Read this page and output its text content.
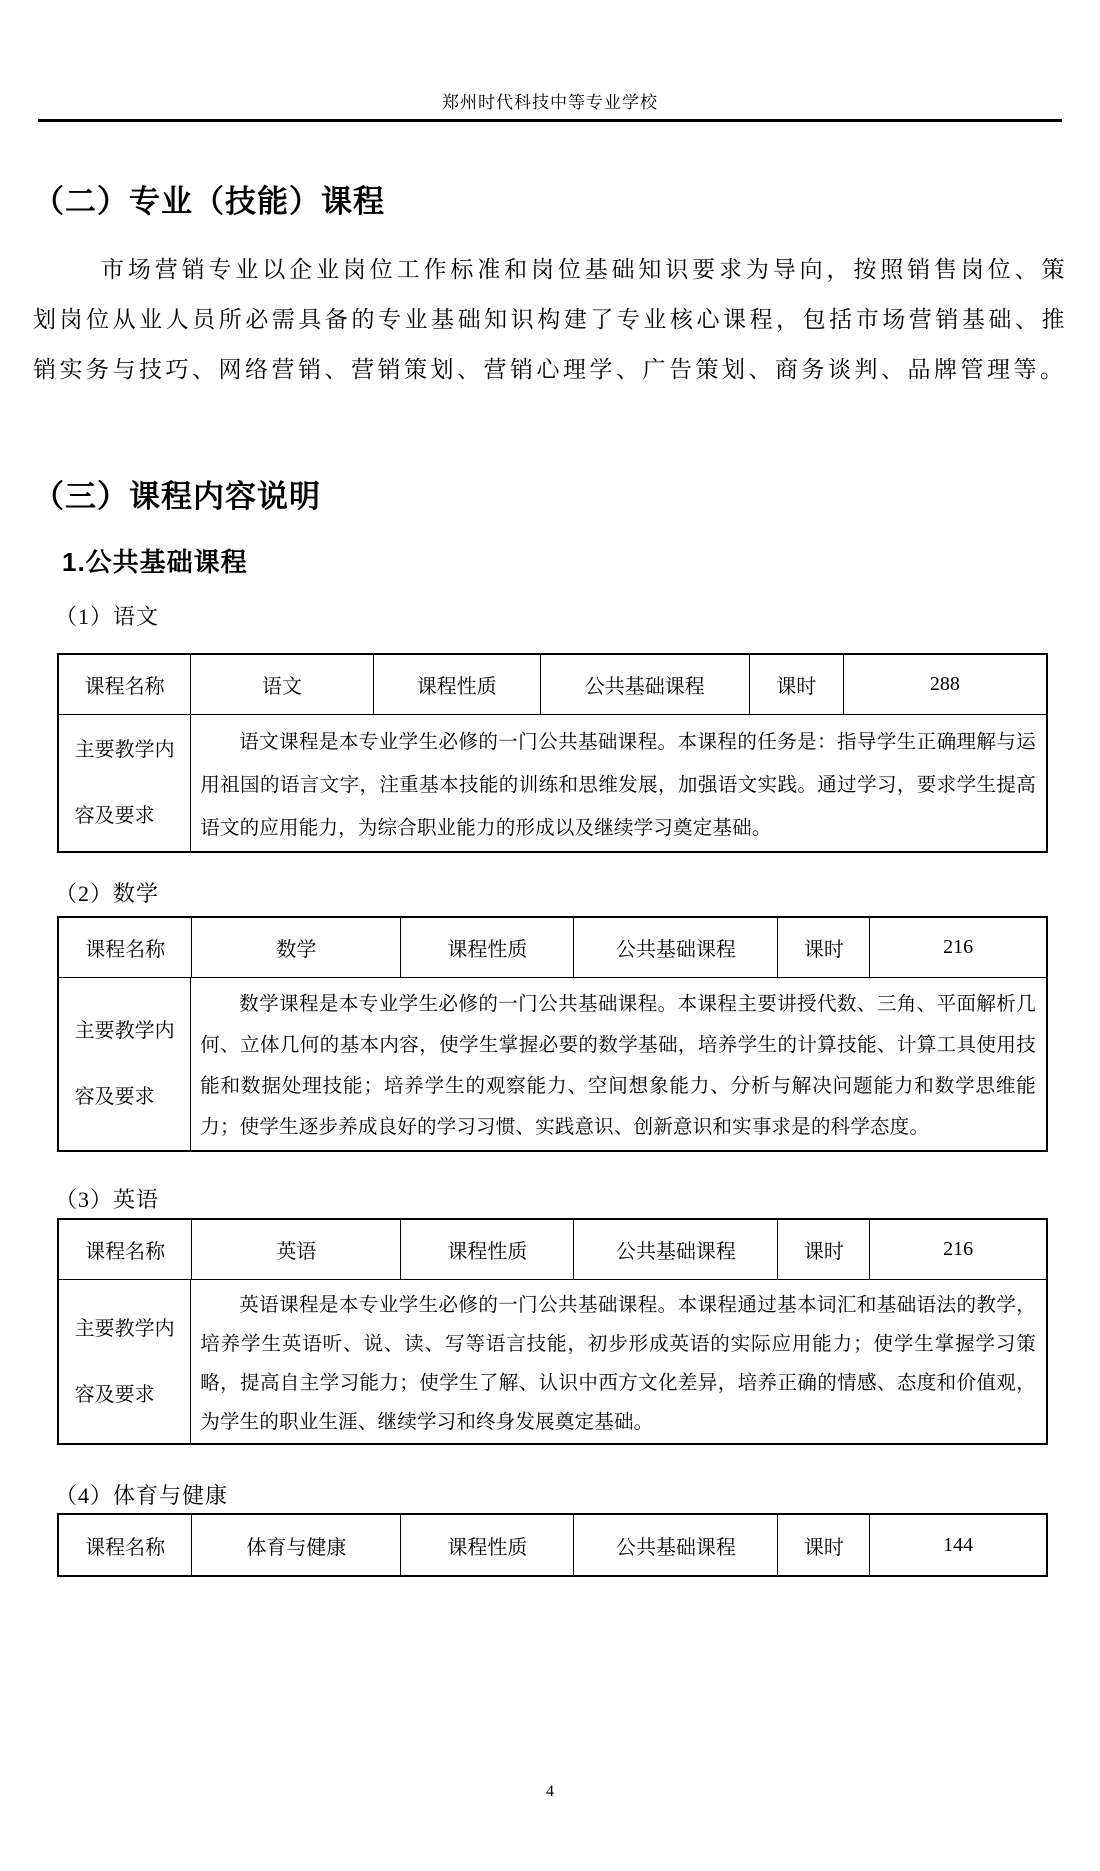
郑州时代科技中等专业学校
（二）专业（技能）课程
市场营销专业以企业岗位工作标准和岗位基础知识要求为导向，按照销售岗位、策划岗位从业人员所必需具备的专业基础知识构建了专业核心课程，包括市场营销基础、推销实务与技巧、网络营销、营销策划、营销心理学、广告策划、商务谈判、品牌管理等。
（三）课程内容说明
1.公共基础课程
（1）语文
课程名称	语文	课程性质	公共基础课程	课时	288
主要教学内容及要求
语文课程是本专业学生必修的一门公共基础课程。本课程的任务是：指导学生正确理解与运用祖国的语言文字，注重基本技能的训练和思维发展，加强语文实践。通过学习，要求学生提高语文的应用能力，为综合职业能力的形成以及继续学习奠定基础。
（2）数学
课程名称	数学	课程性质	公共基础课程	课时	216
主要教学内容及要求
数学课程是本专业学生必修的一门公共基础课程。本课程主要讲授代数、三角、平面解析几何、立体几何的基本内容，使学生掌握必要的数学基础，培养学生的计算技能、计算工具使用技能和数据处理技能；培养学生的观察能力、空间想象能力、分析与解决问题能力和数学思维能力；使学生逐步养成良好的学习习惯、实践意识、创新意识和实事求是的科学态度。
（3）英语
课程名称	英语	课程性质	公共基础课程	课时	216
主要教学内容及要求
英语课程是本专业学生必修的一门公共基础课程。本课程通过基本词汇和基础语法的教学，培养学生英语听、说、读、写等语言技能，初步形成英语的实际应用能力；使学生掌握学习策略，提高自主学习能力；使学生了解、认识中西方文化差异，培养正确的情感、态度和价值观，为学生的职业生涯、继续学习和终身发展奠定基础。
（4）体育与健康
课程名称	体育与健康	课程性质	公共基础课程	课时	144
4
